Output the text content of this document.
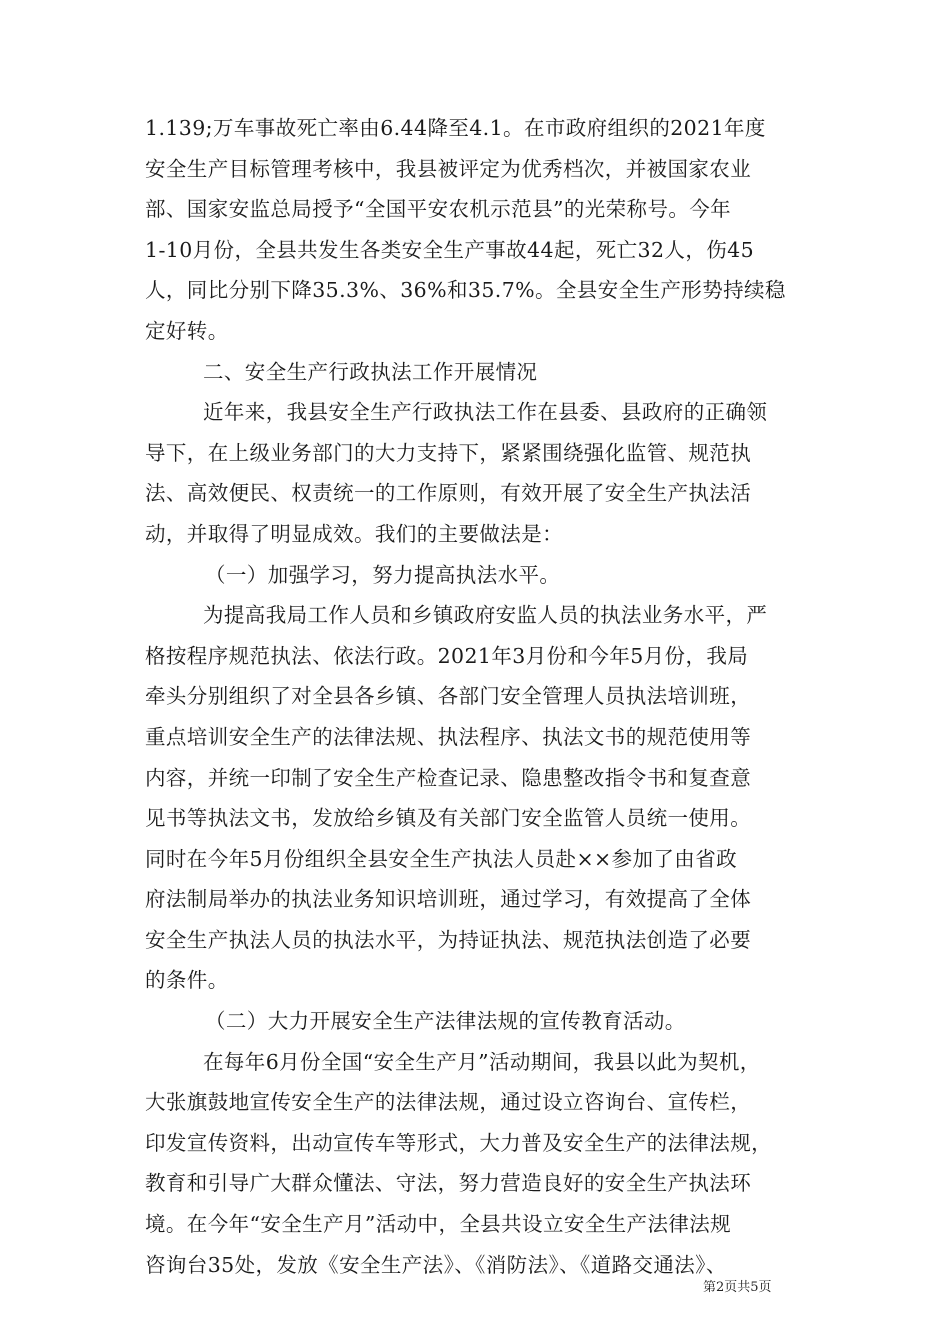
1.139;万车事故死亡率由6.44降至4.1。在市政府组织的2021年度
安全生产目标管理考核中，我县被评定为优秀档次，并被国家农业
部、国家安监总局授予“全国平安农机示范县”的光荣称号。今年
1-10月份，全县共发生各类安全生产事故44起，死亡32人，伤45
人，同比分别下降35.3%、36%和35.7%。全县安全生产形势持续稳
定好转。
二、安全生产行政执法工作开展情况
近年来，我县安全生产行政执法工作在县委、县政府的正确领
导下，在上级业务部门的大力支持下，紧紧围绕强化监管、规范执
法、高效便民、权责统一的工作原则，有效开展了安全生产执法活
动，并取得了明显成效。我们的主要做法是：
（一）加强学习，努力提高执法水平。
为提高我局工作人员和乡镇政府安监人员的执法业务水平，严
格按程序规范执法、依法行政。2021年3月份和今年5月份，我局
牵头分别组织了对全县各乡镇、各部门安全管理人员执法培训班，
重点培训安全生产的法律法规、执法程序、执法文书的规范使用等
内容，并统一印制了安全生产检查记录、隐患整改指令书和复查意
见书等执法文书，发放给乡镇及有关部门安全监管人员统一使用。
同时在今年5月份组织全县安全生产执法人员赴××参加了由省政
府法制局举办的执法业务知识培训班，通过学习，有效提高了全体
安全生产执法人员的执法水平，为持证执法、规范执法创造了必要
的条件。
（二）大力开展安全生产法律法规的宣传教育活动。
在每年6月份全国“安全生产月”活动期间，我县以此为契机，
大张旗鼓地宣传安全生产的法律法规，通过设立咨询台、宣传栏，
印发宣传资料，出动宣传车等形式，大力普及安全生产的法律法规，
教育和引导广大群众懂法、守法，努力营造良好的安全生产执法环
境。在今年“安全生产月”活动中，全县共设立安全生产法律法规
咨询台35处，发放《安全生产法》、《消防法》、《道路交通法》、
第2页共5页
